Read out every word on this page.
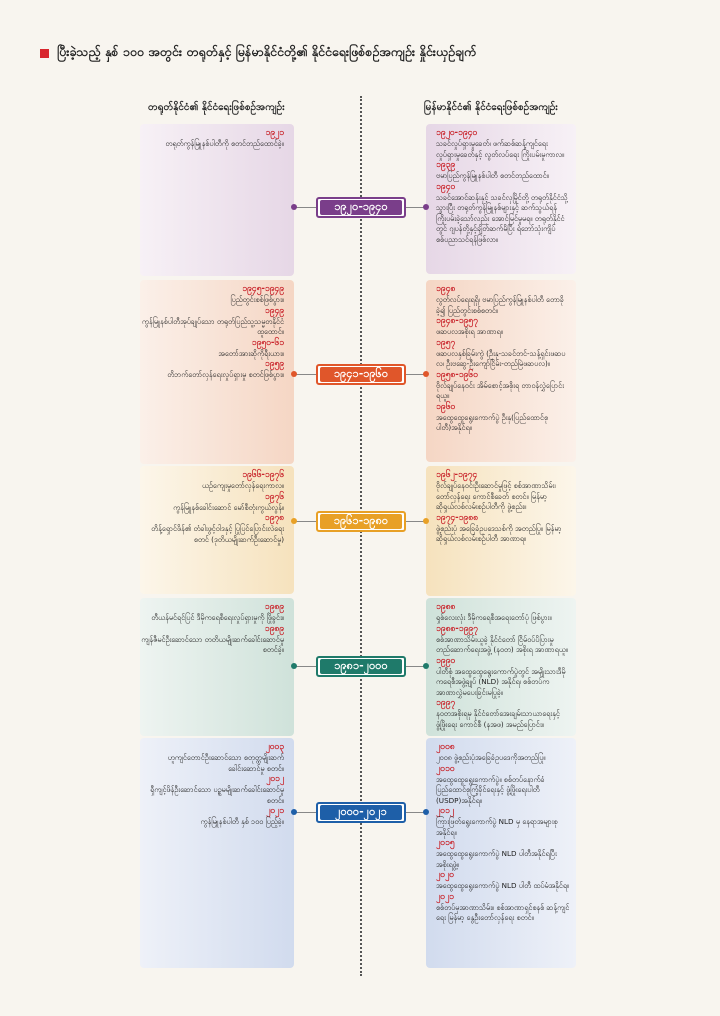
ပြီးခဲ့သည့် နှစ် ၁၀၀ အတွင်း တရုတ်နှင့် မြန်မာနိုင်ငံတို့၏ နိုင်ငံရေးဖြစ်စဉ်အကျဉ်း နှိုင်းယှဉ်ချက်
တရုတ်နိုင်ငံ၏ နိုင်ငံရေးဖြစ်စဉ်အကျဉ်း	မြန်မာနိုင်ငံ၏ နိုင်ငံရေးဖြစ်စဉ်အကျဉ်း
၁၉၂၁
တရုတ်ကွန်မြူနစ်ပါတီကို စတင်တည်ထောင်ခဲ့။
၁၉၂၀-၁၉၄၀
သခင်လှုပ်ရှားမှုခေတ်၊ ဖက်ဆစ်ဆန့်ကျင်ရေးလှုပ်ရှားမှုခေတ်နှင့် လွတ်လပ်ရေး ကြိုးပမ်းမှုကာလ။
၁၉၃၉
ဗမာပြည်ကွန်မြူနစ်ပါတီ စတင်တည်ထောင်။
၁၉၄၀
သခင်အောင်ဆန်းနှင့် သခင်လှမြိုင်တို့ တရုတ်နိုင်ငံသို့သွားပြီး တရုတ်ကွန်မြူနစ်များနှင့် ဆက်သွယ်ရန် ကြိုးပမ်းခဲ့သော်လည်း အောင်မြင်မှုမရ။ တရုတ်နိုင်ငံတွင် ဂျပန်တို့နှင့်ချိတ်ဆက်မိပြီး ရဲဘော်သုံးကျိပ် စစ်ပညာသင်ရန်ဖြစ်လာ။
၁၉၂၀-၁၉၄၀
၁၉၄၅-၁၉၄၉
ပြည်တွင်းစစ်ဖြစ်ပွား။
၁၉၄၉
ကွန်မြူနစ်ပါတီအုပ်ချုပ်သော တရုတ်ပြည်သူ့သမ္မတနိုင်ငံ ထူထောင်။
၁၉၅၀-၆၁
အတော်အားဆိုကိုရီးယား။
၁၉၅၉
တိဘက်တော်လှန်ရေးလှုပ်ရှားမှု စတင်ဖြစ်ပွား။
၁၉၄၈
လွတ်လပ်ရေးရရှိ၊ ဗမာပြည်ကွန်မြူနစ်ပါတီ တောခိုခဲ့၍ ပြည်တွင်းစစ်စတင်။
၁၉၄၈-၁၉၅၇
ဖဆပလအစိုးရ အာဏာရ။
၁၉၅၇
ဖဆပလနှစ်ခြမ်းကွဲ (ဦးနု-သခင်တင်-သန့်ရှင်းဖဆပလ၊ ဦးဗဆွေ-ဦးကျော်ငြိမ်း-တည်မြဲဖဆပလ)။
၁၉၅၈-၁၉၆၀
ဗိုလ်ချုပ်နေဝင်း အိမ်စောင့်အစိုးရ တာဝန်လွှဲပြောင်းရယူ။
၁၉၆၀
အထွေထွေရွေးကောက်ပွဲ ဦးနု(ပြည်ထောင်စုပါတီ)အနိုင်ရ။
၁၉၄၁-၁၉၆၀
၁၉၆၆-၁၉၇၆
ယဉ်ကျေးမှုတော်လှန်ရေးကာလ။
၁၉၇၆
ကွန်မြူနစ်ခေါင်းဆောင် မော်စီတုံးကွယ်လွန်။
၁၉၇၈
တိန့်ရှောင်ဖိန်၏ တံခါးဖွင့်ဝါဒနှင့် ပြုပြင်ပြောင်းလဲရေးစတင် (ဒုတိယမျိုးဆက်ဦးဆောင်မှု)
၁၉၆၂-၁၉၇၄
ဗိုလ်ချုပ်နေဝင်းဦးဆောင်မှုဖြင့် စစ်အာဏာသိမ်း၊ တော်လှန်ရေး ကောင်စီခေတ် စတင်။ မြန်မာ့ဆိုရှယ်လစ်လမ်းစဉ်ပါတီကို ဖွဲ့စည်း။
၁၉၇၄-၁၉၈၈
ဖွဲ့စည်းပုံ အခြေခံဥပဒေသစ်ကို အတည်ပြု။ မြန်မာ့ဆိုရှယ်လစ်လမ်းစဉ်ပါတီ အာဏာရ။
၁၉၆၁-၁၉၈၀
၁၉၈၉
တီယန်မင်ရင်ပြင် ဒီမိုကရေစီရေးလှုပ်ရှားမှုကို ဖြိုခွင်း။
၁၉၈၉
ကျန်ဇီမင်ဦးဆောင်သော တတိယမျိုးဆက်ခေါင်းဆောင်မှု စတင်ခဲ့။
၁၉၈၈
ရှစ်လေးလုံး ဒီမိုကရေစီအရေးတော်ပုံ ဖြစ်ပွား။
၁၉၈၈-၁၉၉၇
စစ်အာဏာသိမ်းယူခဲ့ နိုင်ငံတော် ငြိမ်ဝပ်ပိပြားမှုတည်ဆောက်ရေးအဖွဲ့ (နဝတ) အစိုးရ အာဏာရယူ။
၁၉၉၀
ပါတီစုံ အထွေထွေရွေးကောက်ပွဲတွင် အမျိုးသားဒီမိုကရေစီအဖွဲ့ချုပ် (NLD) အနိုင်ရ၊ စစ်တပ်က အာဏာလွှဲမပေးခြင်းမပြုခဲ့။
၁၉၉၇
နဝတအစိုးရမှ နိုင်ငံတော်အေးချမ်းသာယာရေးနှင့် ဖွံ့ဖြိုးရေး ကောင်စီ (နအဖ) အမည်ပြောင်း။
၁၉၈၁-၂၀၀၀
၂၀၀၃
ဟူကျင်တောင်ဦးဆောင်သော စတုတ္ထမျိုးဆက်ခေါင်းဆောင်မှု စတင်။
၂၀၁၂
ရှီကျင့်ဖိန်ဦးဆောင်သော ပဉ္စမမျိုးဆက်ခေါင်းဆောင်မှု စတင်။
၂၀၂၁
ကွန်မြူနစ်ပါတီ နှစ် ၁၀၀ ပြည့်ခဲ့။
၂၀၀၈
၂၀၀၈ ဖွဲ့စည်းပုံအခြေခံဥပဒေကိုအတည်ပြု။
၂၀၁၀
အထွေထွေရွေးကောက်ပွဲ။ စစ်တပ်နောက်ခံ ပြည်ထောင်စုကြံ့ခိုင်ရေးနှင့် ဖွံ့ဖြိုးရေးပါတီ (USDP)အနိုင်ရ။
၂၀၁၂
ကြားဖြတ်ရွေးကောက်ပွဲ NLD မှ နေရာအများစုအနိုင်ရ။
၂၀၁၅
အထွေထွေရွေးကောက်ပွဲ NLD ပါတီအနိုင်ရပြီး အစိုးရဖွဲ့။
၂၀၂၀
အထွေထွေရွေးကောက်ပွဲ NLD ပါတီ ထပ်မံအနိုင်ရ။
၂၀၂၁
စစ်တပ်မှအာဏာသိမ်း။ စစ်အာဏာရှင်စနစ် ဆန့်ကျင်ရေး မြန်မာ့ နွေဦးတော်လှန်ရေး စတင်။
၂၀၀၀-၂၀၂၁
